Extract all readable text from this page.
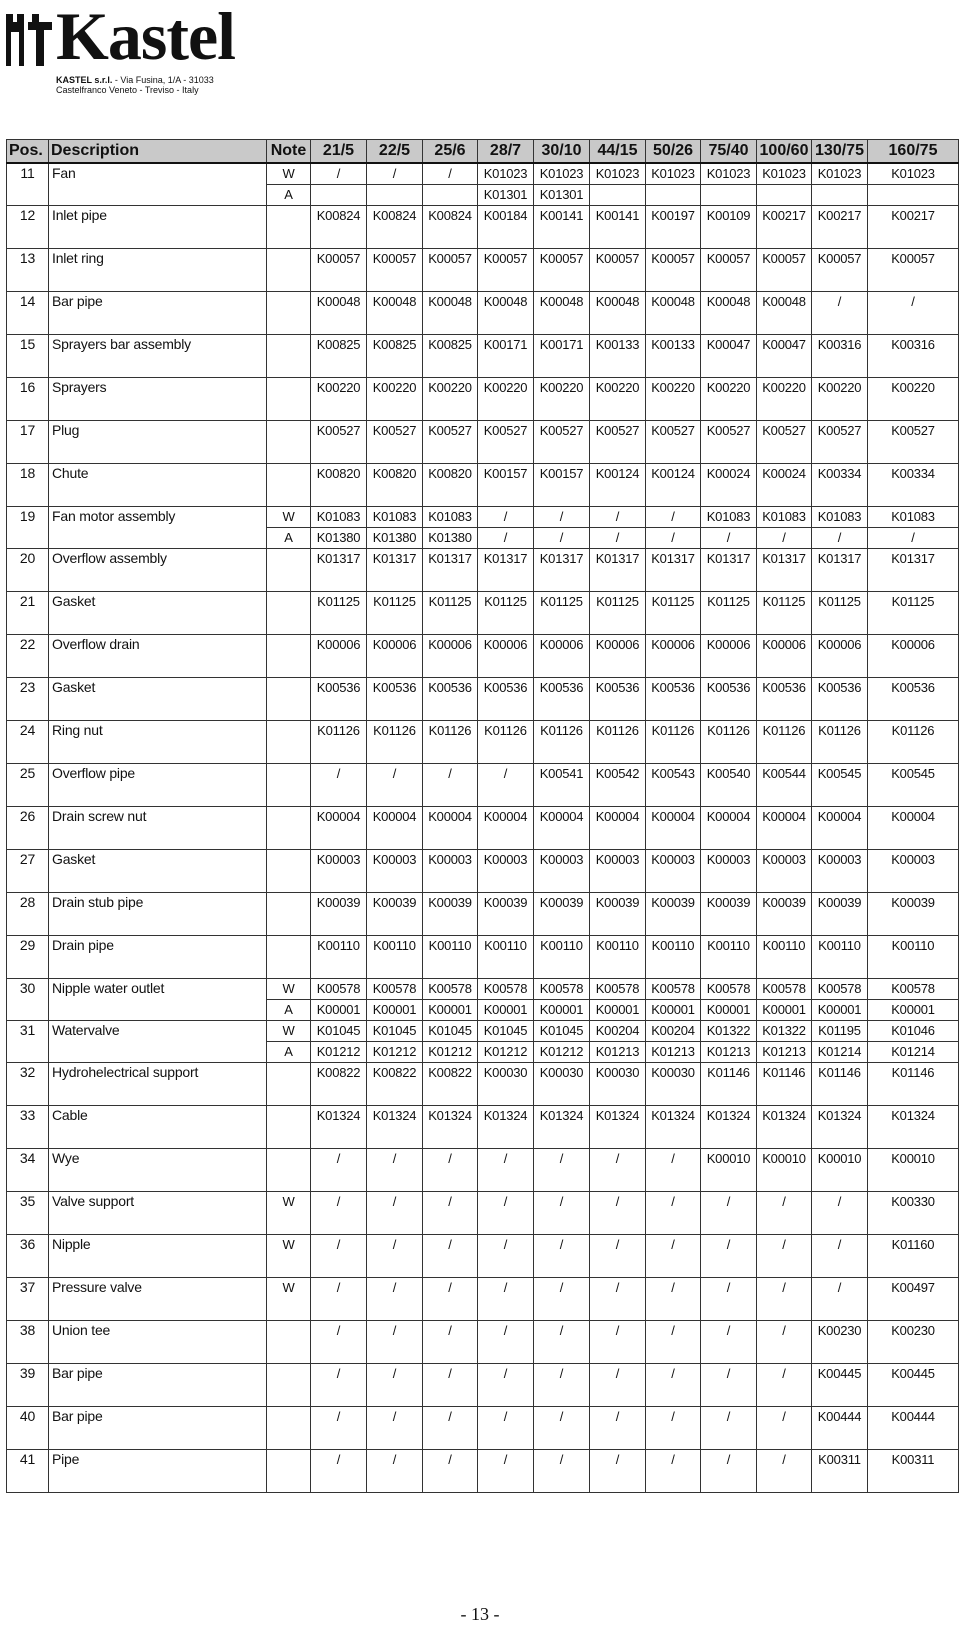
Kastel
KASTEL s.r.l. - Via Fusina, 1/A - 31033
Castelfranco Veneto - Treviso - Italy
Pos.	Description	Note	21/5	22/5	25/6	28/7	30/10	44/15	50/26	75/40	100/60	130/75	160/75
11	Fan	W	/	/	/	K01023	K01023	K01023	K01023	K01023	K01023	K01023	K01023
		A				K01301	K01301						
12	Inlet pipe		K00824	K00824	K00824	K00184	K00141	K00141	K00197	K00109	K00217	K00217	K00217
13	Inlet ring		K00057	K00057	K00057	K00057	K00057	K00057	K00057	K00057	K00057	K00057	K00057
14	Bar pipe		K00048	K00048	K00048	K00048	K00048	K00048	K00048	K00048	K00048	/	/
15	Sprayers bar assembly		K00825	K00825	K00825	K00171	K00171	K00133	K00133	K00047	K00047	K00316	K00316
16	Sprayers		K00220	K00220	K00220	K00220	K00220	K00220	K00220	K00220	K00220	K00220	K00220
17	Plug		K00527	K00527	K00527	K00527	K00527	K00527	K00527	K00527	K00527	K00527	K00527
18	Chute		K00820	K00820	K00820	K00157	K00157	K00124	K00124	K00024	K00024	K00334	K00334
19	Fan motor assembly	W	K01083	K01083	K01083	/	/	/	/	K01083	K01083	K01083	K01083
		A	K01380	K01380	K01380	/	/	/	/	/	/	/	/
20	Overflow assembly		K01317	K01317	K01317	K01317	K01317	K01317	K01317	K01317	K01317	K01317	K01317
21	Gasket		K01125	K01125	K01125	K01125	K01125	K01125	K01125	K01125	K01125	K01125	K01125
22	Overflow drain		K00006	K00006	K00006	K00006	K00006	K00006	K00006	K00006	K00006	K00006	K00006
23	Gasket		K00536	K00536	K00536	K00536	K00536	K00536	K00536	K00536	K00536	K00536	K00536
24	Ring nut		K01126	K01126	K01126	K01126	K01126	K01126	K01126	K01126	K01126	K01126	K01126
25	Overflow pipe		/	/	/	/	K00541	K00542	K00543	K00540	K00544	K00545	K00545
26	Drain screw nut		K00004	K00004	K00004	K00004	K00004	K00004	K00004	K00004	K00004	K00004	K00004
27	Gasket		K00003	K00003	K00003	K00003	K00003	K00003	K00003	K00003	K00003	K00003	K00003
28	Drain stub pipe		K00039	K00039	K00039	K00039	K00039	K00039	K00039	K00039	K00039	K00039	K00039
29	Drain pipe		K00110	K00110	K00110	K00110	K00110	K00110	K00110	K00110	K00110	K00110	K00110
30	Nipple water outlet	W	K00578	K00578	K00578	K00578	K00578	K00578	K00578	K00578	K00578	K00578	K00578
		A	K00001	K00001	K00001	K00001	K00001	K00001	K00001	K00001	K00001	K00001	K00001
31	Watervalve	W	K01045	K01045	K01045	K01045	K01045	K00204	K00204	K01322	K01322	K01195	K01046
		A	K01212	K01212	K01212	K01212	K01212	K01213	K01213	K01213	K01213	K01214	K01214
32	Hydrohelectrical support		K00822	K00822	K00822	K00030	K00030	K00030	K00030	K01146	K01146	K01146	K01146
33	Cable		K01324	K01324	K01324	K01324	K01324	K01324	K01324	K01324	K01324	K01324	K01324
34	Wye		/	/	/	/	/	/	/	K00010	K00010	K00010	K00010
35	Valve support	W	/	/	/	/	/	/	/	/	/	/	K00330
36	Nipple	W	/	/	/	/	/	/	/	/	/	/	K01160
37	Pressure valve	W	/	/	/	/	/	/	/	/	/	/	K00497
38	Union tee		/	/	/	/	/	/	/	/	/	K00230	K00230
39	Bar pipe		/	/	/	/	/	/	/	/	/	K00445	K00445
40	Bar pipe		/	/	/	/	/	/	/	/	/	K00444	K00444
41	Pipe		/	/	/	/	/	/	/	/	/	K00311	K00311
- 13 -
